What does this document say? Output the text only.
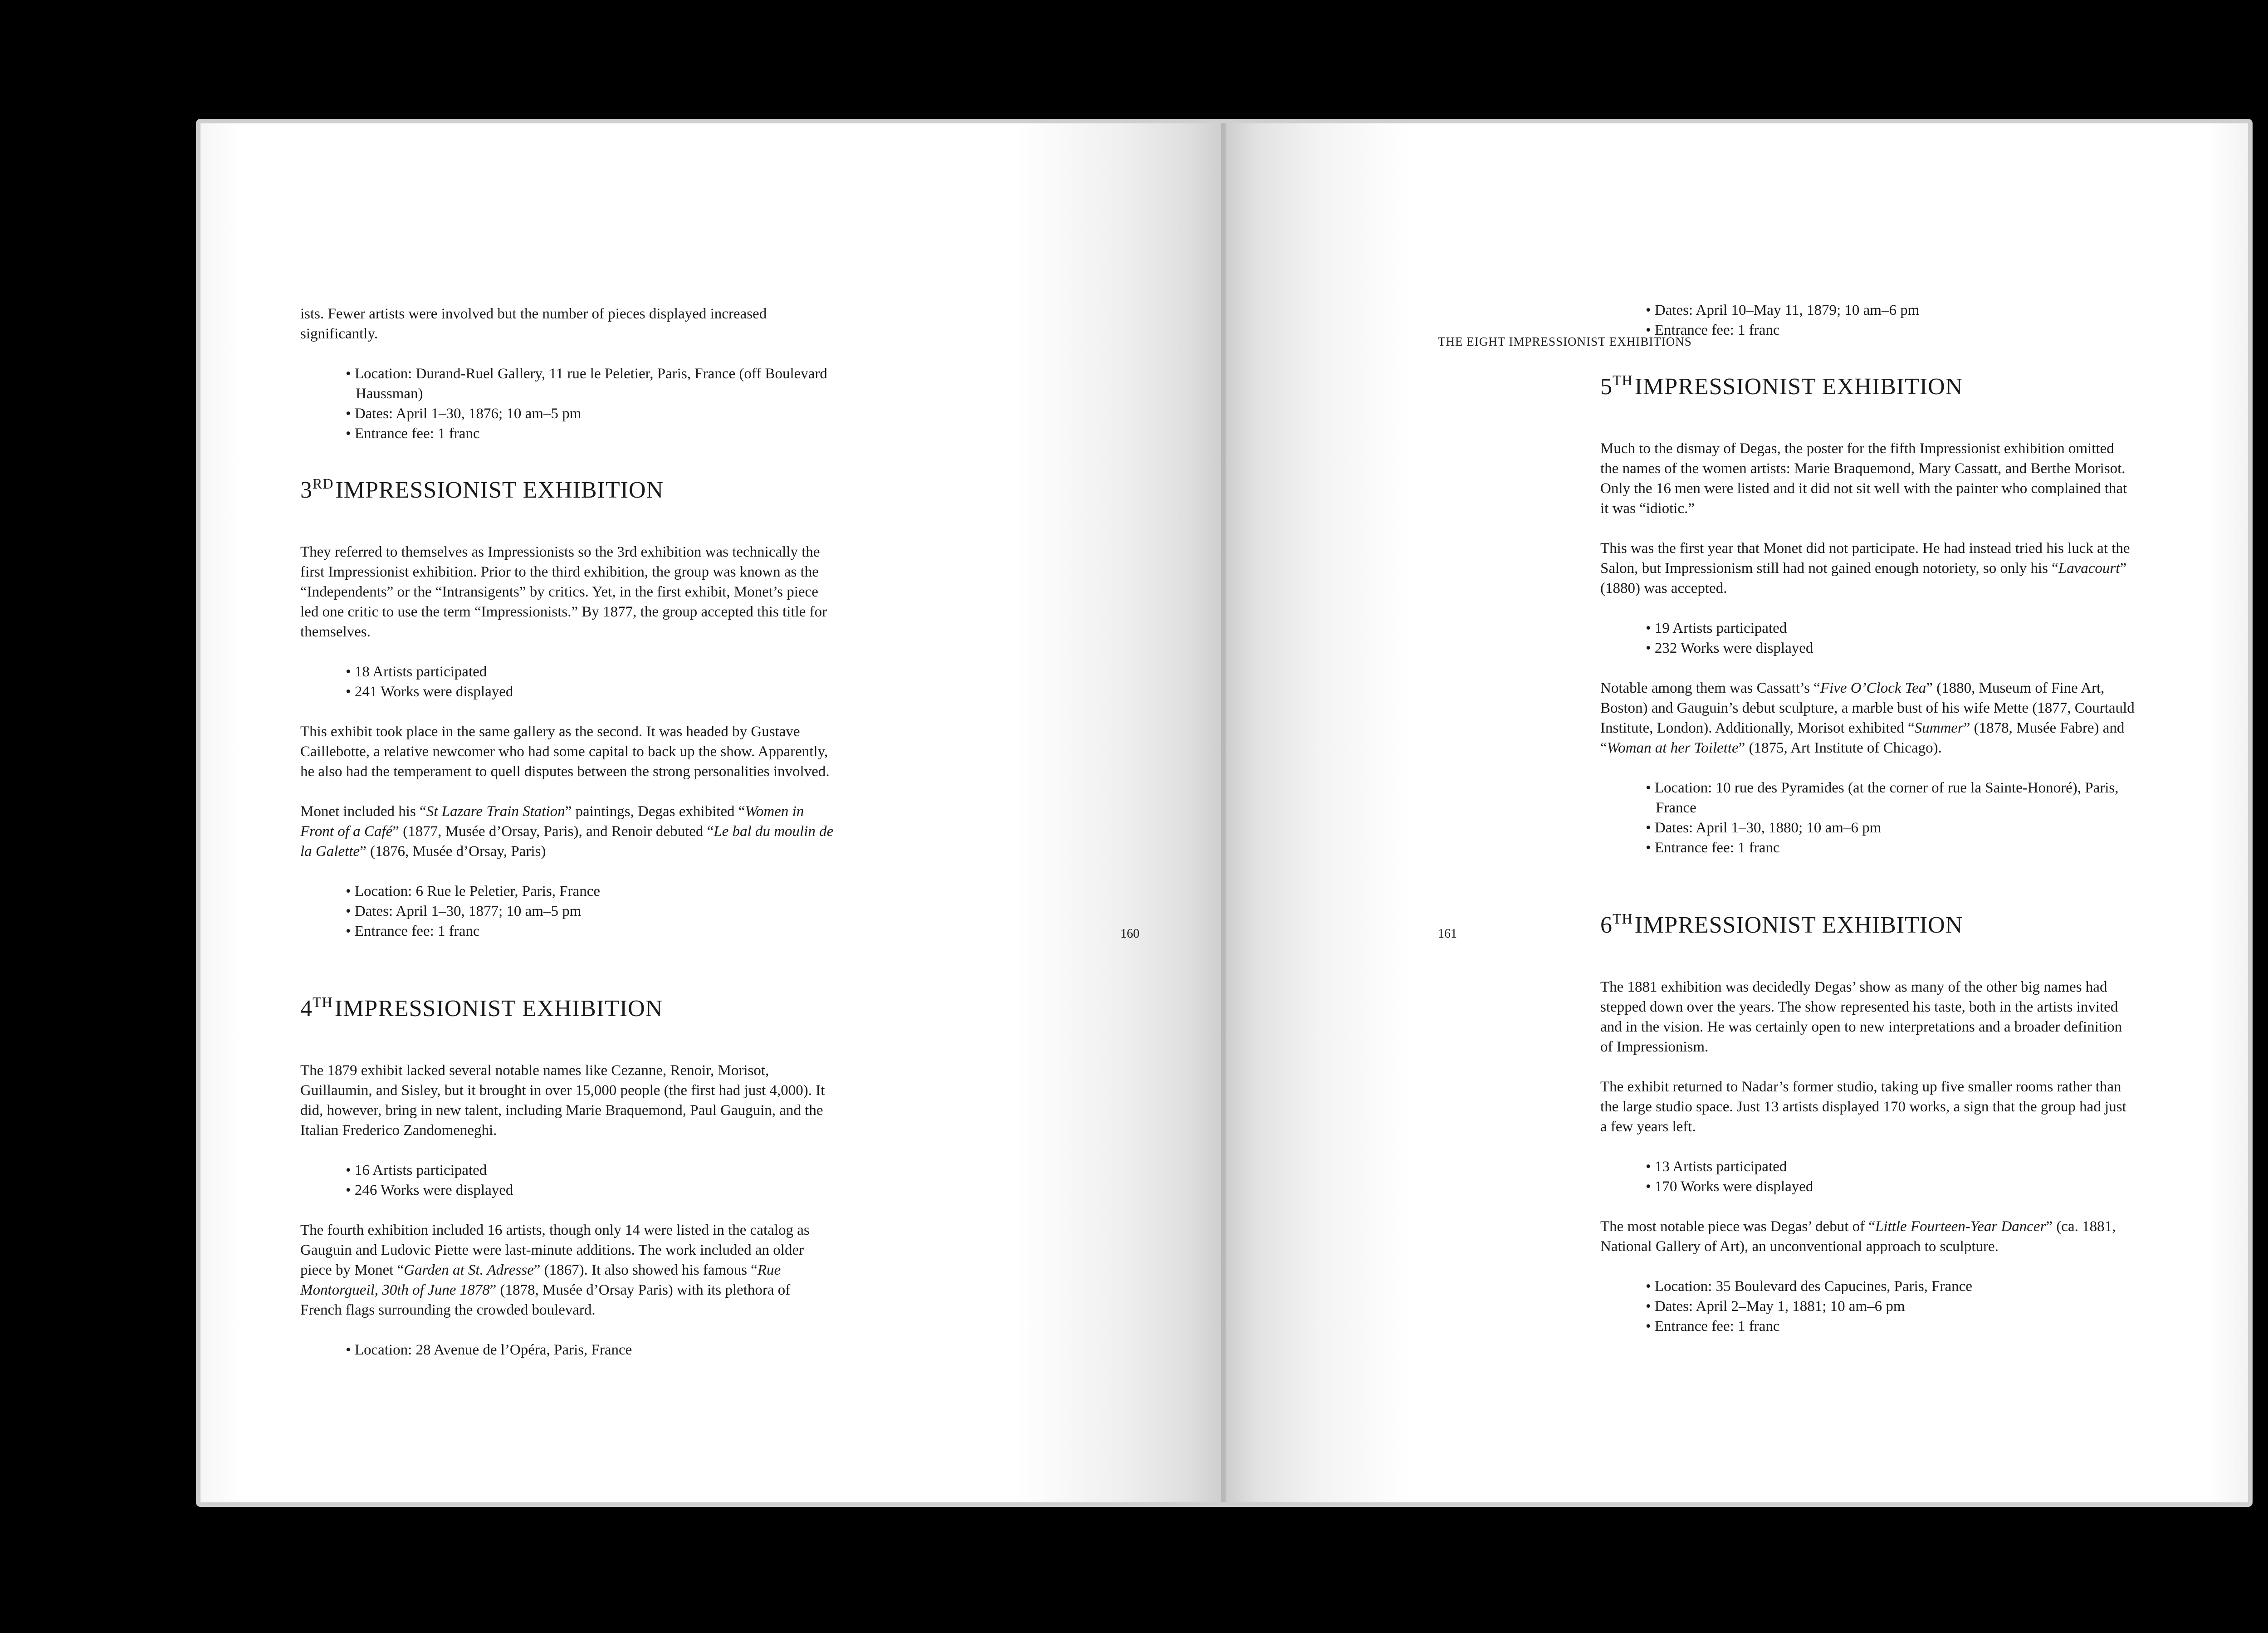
ists. Fewer artists were involved but the number of pieces displayed increased significantly.

• Location: Durand-Ruel Gallery, 11 rue le Peletier, Paris, France (off Boulevard Haussman)
• Dates: April 1–30, 1876; 10 am–5 pm
• Entrance fee: 1 franc
3RDIMPRESSIONIST EXHIBITION

They referred to themselves as Impressionists so the 3rd exhibition was technically the first Impressionist exhibition. Prior to the third exhibition, the group was known as the “Independents” or the “Intransigents” by critics. Yet, in the first exhibit, Monet’s piece led one critic to use the term “Impressionists.” By 1877, the group accepted this title for themselves.

• 18 Artists participated
• 241 Works were displayed

This exhibit took place in the same gallery as the second. It was headed by Gustave Caillebotte, a relative newcomer who had some capital to back up the show. Apparently, he also had the temperament to quell disputes between the strong personalities involved.

Monet included his “St Lazare Train Station” paintings, Degas exhibited “Women in Front of a Café” (1877, Musée d’Orsay, Paris), and Renoir debuted “Le bal du moulin de la Galette” (1876, Musée d’Orsay, Paris)

• Location: 6 Rue le Peletier, Paris, France
• Dates: April 1–30, 1877; 10 am–5 pm
• Entrance fee: 1 franc
4THIMPRESSIONIST EXHIBITION

The 1879 exhibit lacked several notable names like Cezanne, Renoir, Morisot, Guillaumin, and Sisley, but it brought in over 15,000 people (the first had just 4,000). It did, however, bring in new talent, including Marie Braquemond, Paul Gauguin, and the Italian Frederico Zandomeneghi.

• 16 Artists participated
• 246 Works were displayed

The fourth exhibition included 16 artists, though only 14 were listed in the catalog as Gauguin and Ludovic Piette were last-minute additions. The work included an older piece by Monet “Garden at St. Adresse” (1867). It also showed his famous “Rue Montorgueil, 30th of June 1878” (1878, Musée d’Orsay Paris) with its plethora of French flags surrounding the crowded boulevard.

• Location: 28 Avenue de l’Opéra, Paris, France
160
THE EIGHT IMPRESSIONIST EXHIBITIONS
• Dates: April 10–May 11, 1879; 10 am–6 pm
• Entrance fee: 1 franc
5THIMPRESSIONIST EXHIBITION

Much to the dismay of Degas, the poster for the fifth Impressionist exhibition omitted the names of the women artists: Marie Braquemond, Mary Cassatt, and Berthe Morisot. Only the 16 men were listed and it did not sit well with the painter who complained that it was “idiotic.”

This was the first year that Monet did not participate. He had instead tried his luck at the Salon, but Impressionism still had not gained enough notoriety, so only his “Lavacourt” (1880) was accepted.

• 19 Artists participated
• 232 Works were displayed

Notable among them was Cassatt’s “Five O’Clock Tea” (1880, Museum of Fine Art, Boston) and Gauguin’s debut sculpture, a marble bust of his wife Mette (1877, Courtauld Institute, London). Additionally, Morisot exhibited “Summer” (1878, Musée Fabre) and “Woman at her Toilette” (1875, Art Institute of Chicago).

• Location: 10 rue des Pyramides (at the corner of rue la Sainte-Honoré), Paris, France
• Dates: April 1–30, 1880; 10 am–6 pm
• Entrance fee: 1 franc
6THIMPRESSIONIST EXHIBITION

The 1881 exhibition was decidedly Degas’ show as many of the other big names had stepped down over the years. The show represented his taste, both in the artists invited and in the vision. He was certainly open to new interpretations and a broader definition of Impressionism.

The exhibit returned to Nadar’s former studio, taking up five smaller rooms rather than the large studio space. Just 13 artists displayed 170 works, a sign that the group had just a few years left.

• 13 Artists participated
• 170 Works were displayed

The most notable piece was Degas’ debut of “Little Fourteen-Year Dancer” (ca. 1881, National Gallery of Art), an unconventional approach to sculpture.

• Location: 35 Boulevard des Capucines, Paris, France
• Dates: April 2–May 1, 1881; 10 am–6 pm
• Entrance fee: 1 franc
161
